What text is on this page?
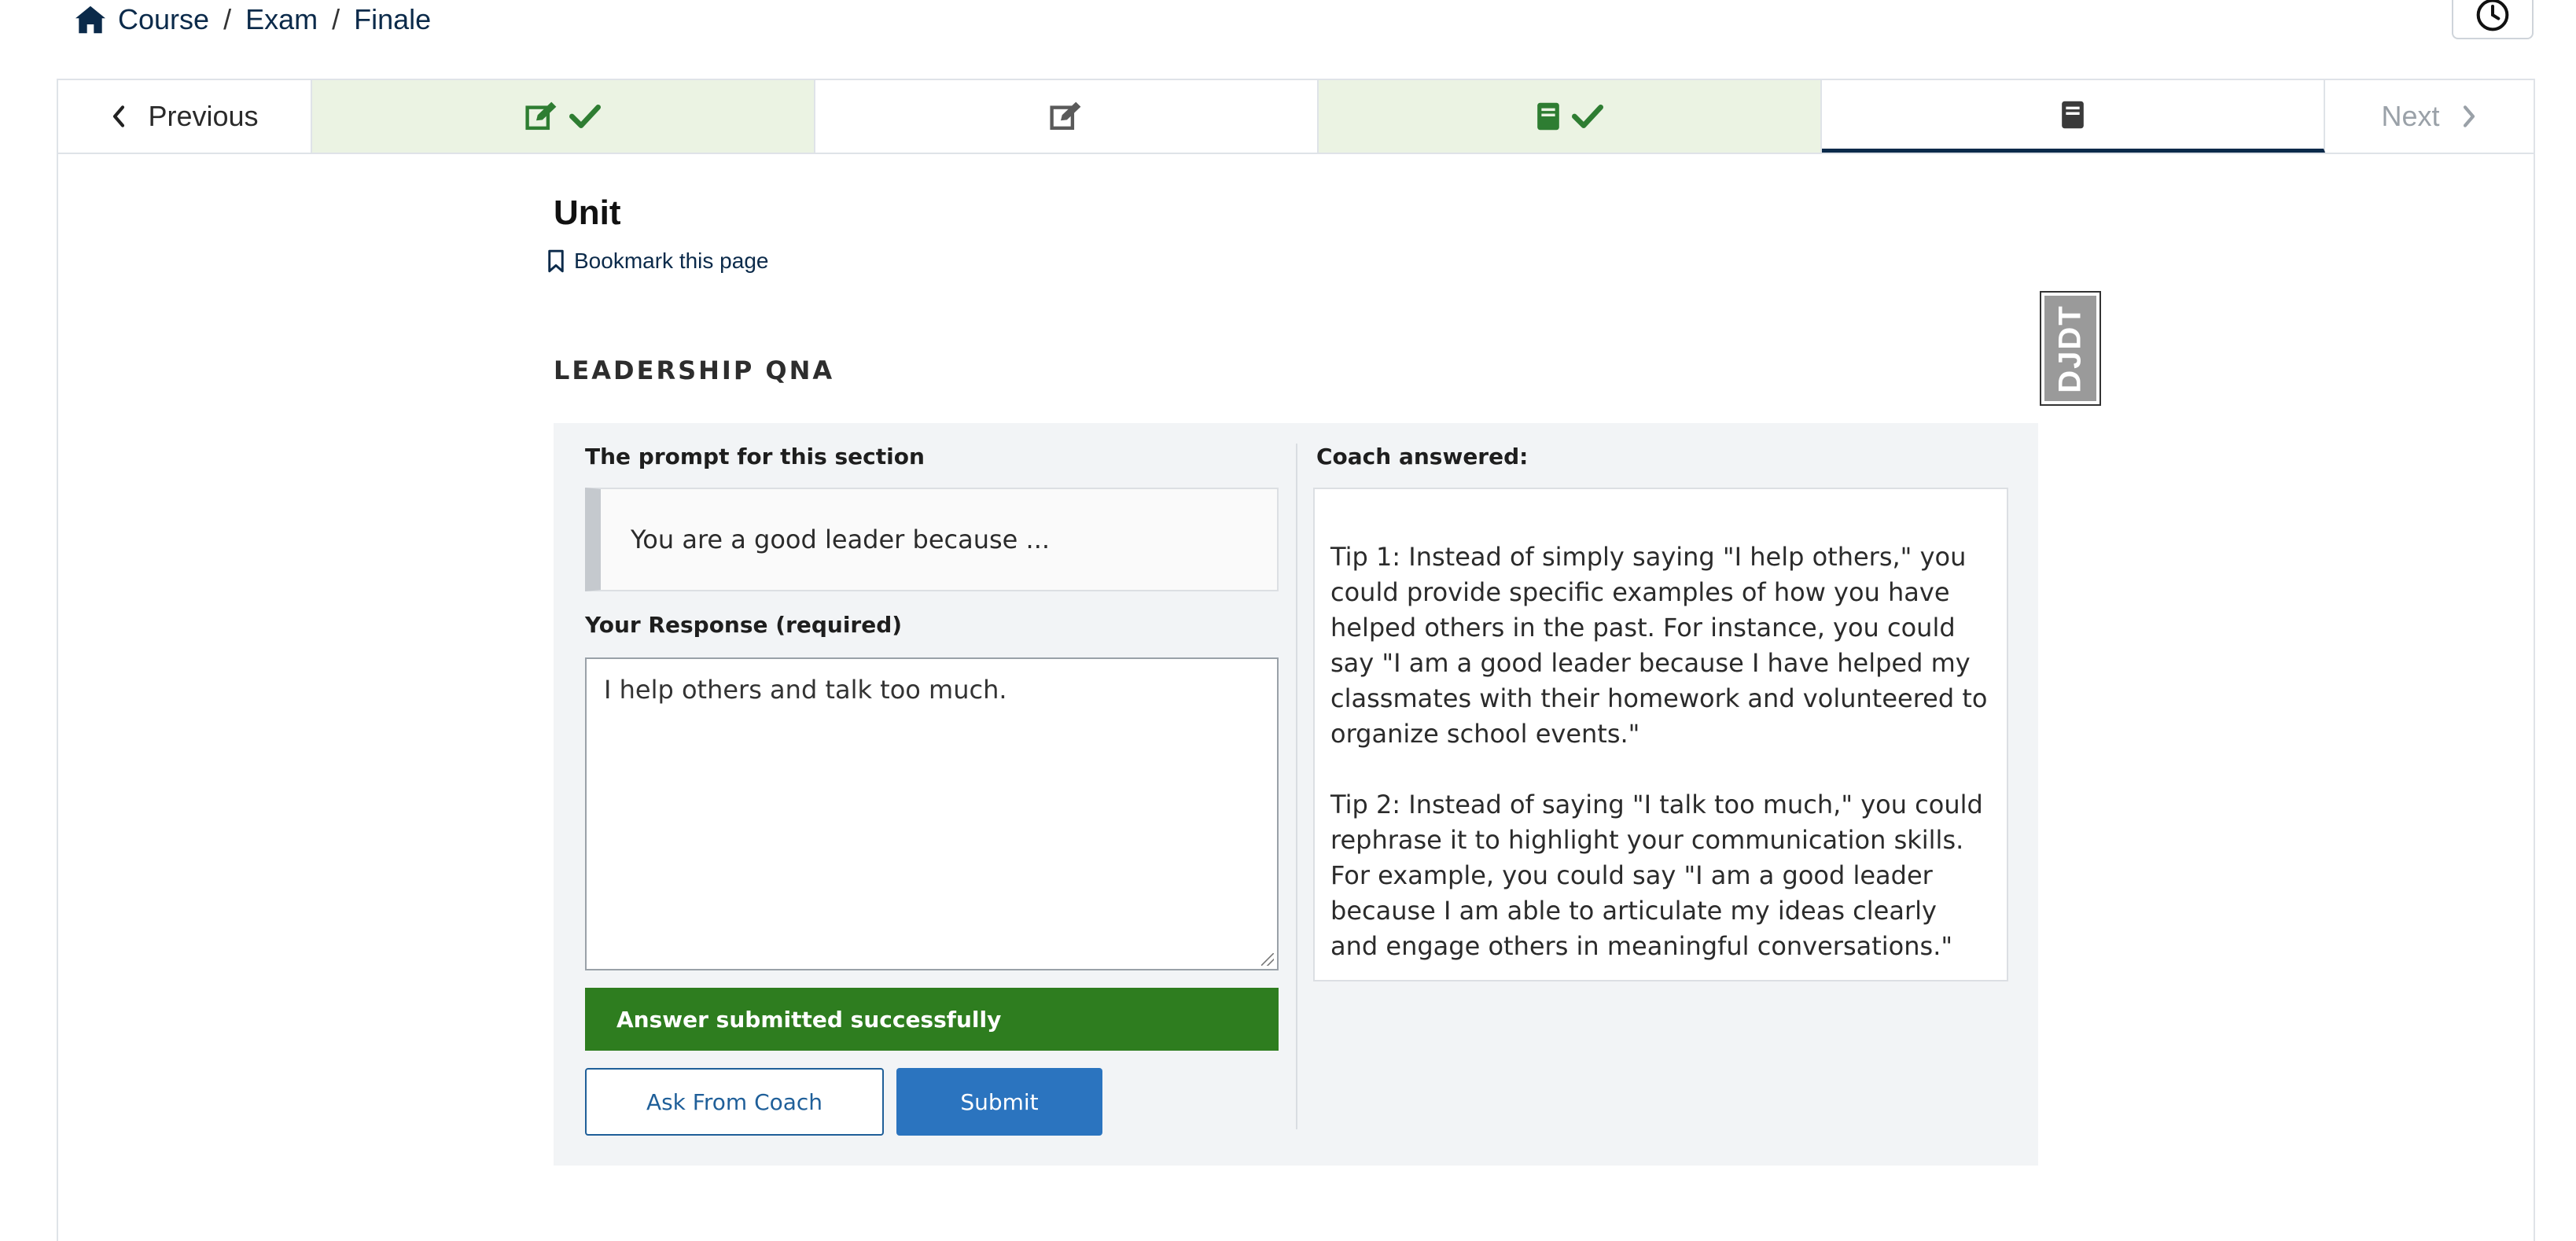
Course / Exam / Finale
Previous	Next
Unit
Bookmark this page
DJDT
LEADERSHIP QNA
The prompt for this section
You are a good leader because ...
Your Response (required)
I help others and talk too much.
Answer submitted successfully
Ask From Coach	Submit
Coach answered:

Tip 1: Instead of simply saying "I help others," you could provide specific examples of how you have helped others in the past. For instance, you could say "I am a good leader because I have helped my classmates with their homework and volunteered to organize school events."

Tip 2: Instead of saying "I talk too much," you could rephrase it to highlight your communication skills. For example, you could say "I am a good leader because I am able to articulate my ideas clearly and engage others in meaningful conversations."
